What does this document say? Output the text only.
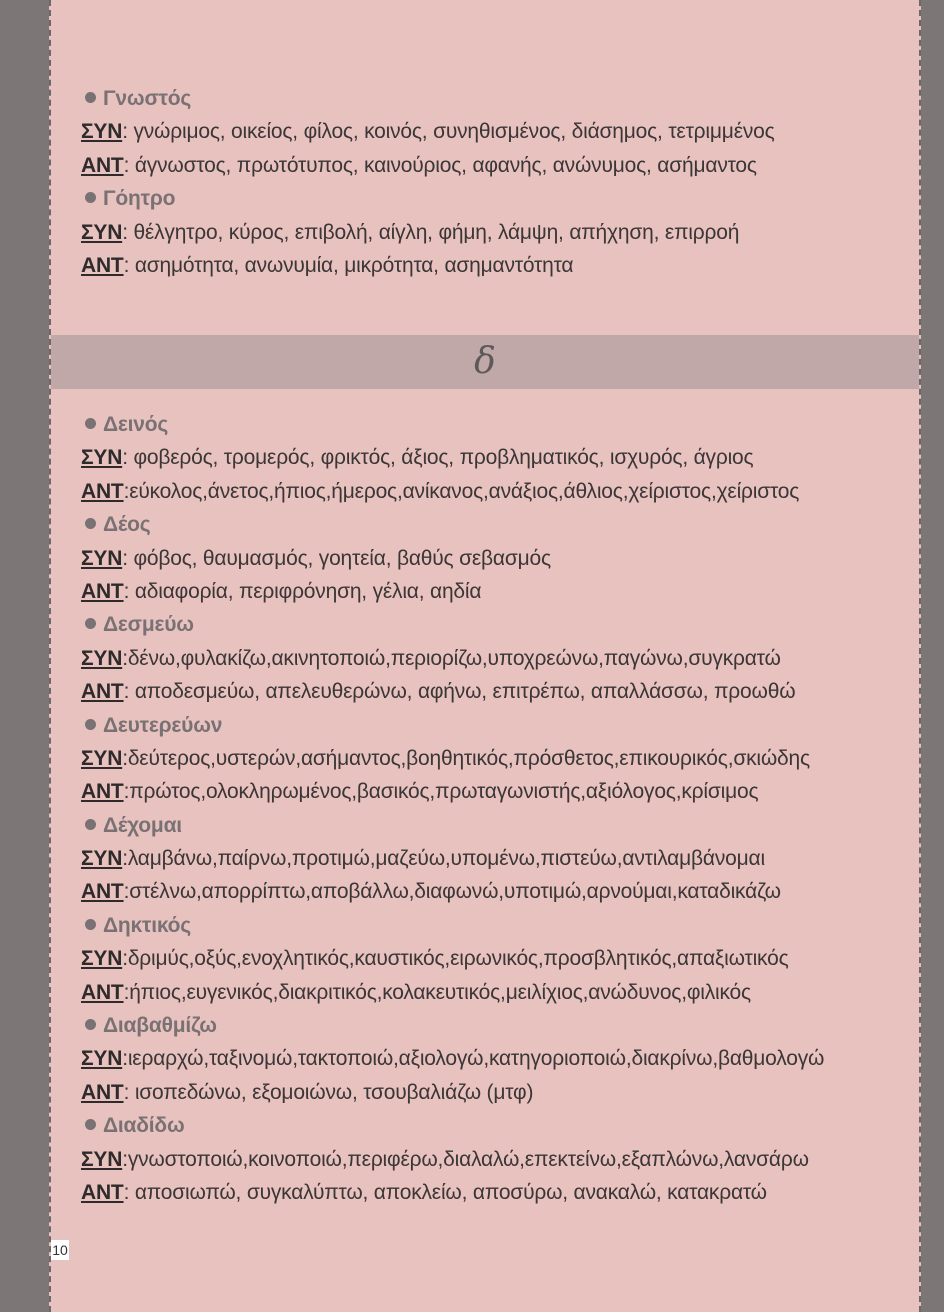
Γνωστός
ΣΥΝ: γνώριμος, οικείος, φίλος, κοινός, συνηθισμένος, διάσημος, τετριμμένος
ΑΝΤ: άγνωστος, πρωτότυπος, καινούριος, αφανής, ανώνυμος, ασήμαντος
Γόητρο
ΣΥΝ: θέλγητρο, κύρος, επιβολή, αίγλη, φήμη, λάμψη, απήχηση, επιρροή
ΑΝΤ: ασημότητα, ανωνυμία, μικρότητα, ασημαντότητα
δ
Δεινός
ΣΥΝ: φοβερός, τρομερός, φρικτός, άξιος, προβληματικός, ισχυρός, άγριος
ΑΝΤ:εύκολος,άνετος,ήπιος,ήμερος,ανίκανος,ανάξιος,άθλιος,χείριστος,χείριστος
Δέος
ΣΥΝ: φόβος, θαυμασμός, γοητεία, βαθύς σεβασμός
ΑΝΤ: αδιαφορία, περιφρόνηση, γέλια, αηδία
Δεσμεύω
ΣΥΝ:δένω,φυλακίζω,ακινητοποιώ,περιορίζω,υποχρεώνω,παγώνω,συγκρατώ
ΑΝΤ: αποδεσμεύω, απελευθερώνω, αφήνω, επιτρέπω, απαλλάσσω, προωθώ
Δευτερεύων
ΣΥΝ:δεύτερος,υστερών,ασήμαντος,βοηθητικός,πρόσθετος,επικουρικός,σκιώδης
ΑΝΤ:πρώτος,ολοκληρωμένος,βασικός,πρωταγωνιστής,αξιόλογος,κρίσιμος
Δέχομαι
ΣΥΝ:λαμβάνω,παίρνω,προτιμώ,μαζεύω,υπομένω,πιστεύω,αντιλαμβάνομαι
ΑΝΤ:στέλνω,απορρίπτω,αποβάλλω,διαφωνώ,υποτιμώ,αρνούμαι,καταδικάζω
Δηκτικός
ΣΥΝ:δριμύς,οξύς,ενοχλητικός,καυστικός,ειρωνικός,προσβλητικός,απαξιωτικός
ΑΝΤ:ήπιος,ευγενικός,διακριτικός,κολακευτικός,μειλίχιος,ανώδυνος,φιλικός
Διαβαθμίζω
ΣΥΝ:ιεραρχώ,ταξινομώ,τακτοποιώ,αξιολογώ,κατηγοριοποιώ,διακρίνω,βαθμολογώ
ΑΝΤ: ισοπεδώνω, εξομοιώνω, τσουβαλιάζω (μτφ)
Διαδίδω
ΣΥΝ:γνωστοποιώ,κοινοποιώ,περιφέρω,διαλαλώ,επεκτείνω,εξαπλώνω,λανσάρω
ΑΝΤ: αποσιωπώ, συγκαλύπτω, αποκλείω, αποσύρω, ανακαλώ, κατακρατώ
10
